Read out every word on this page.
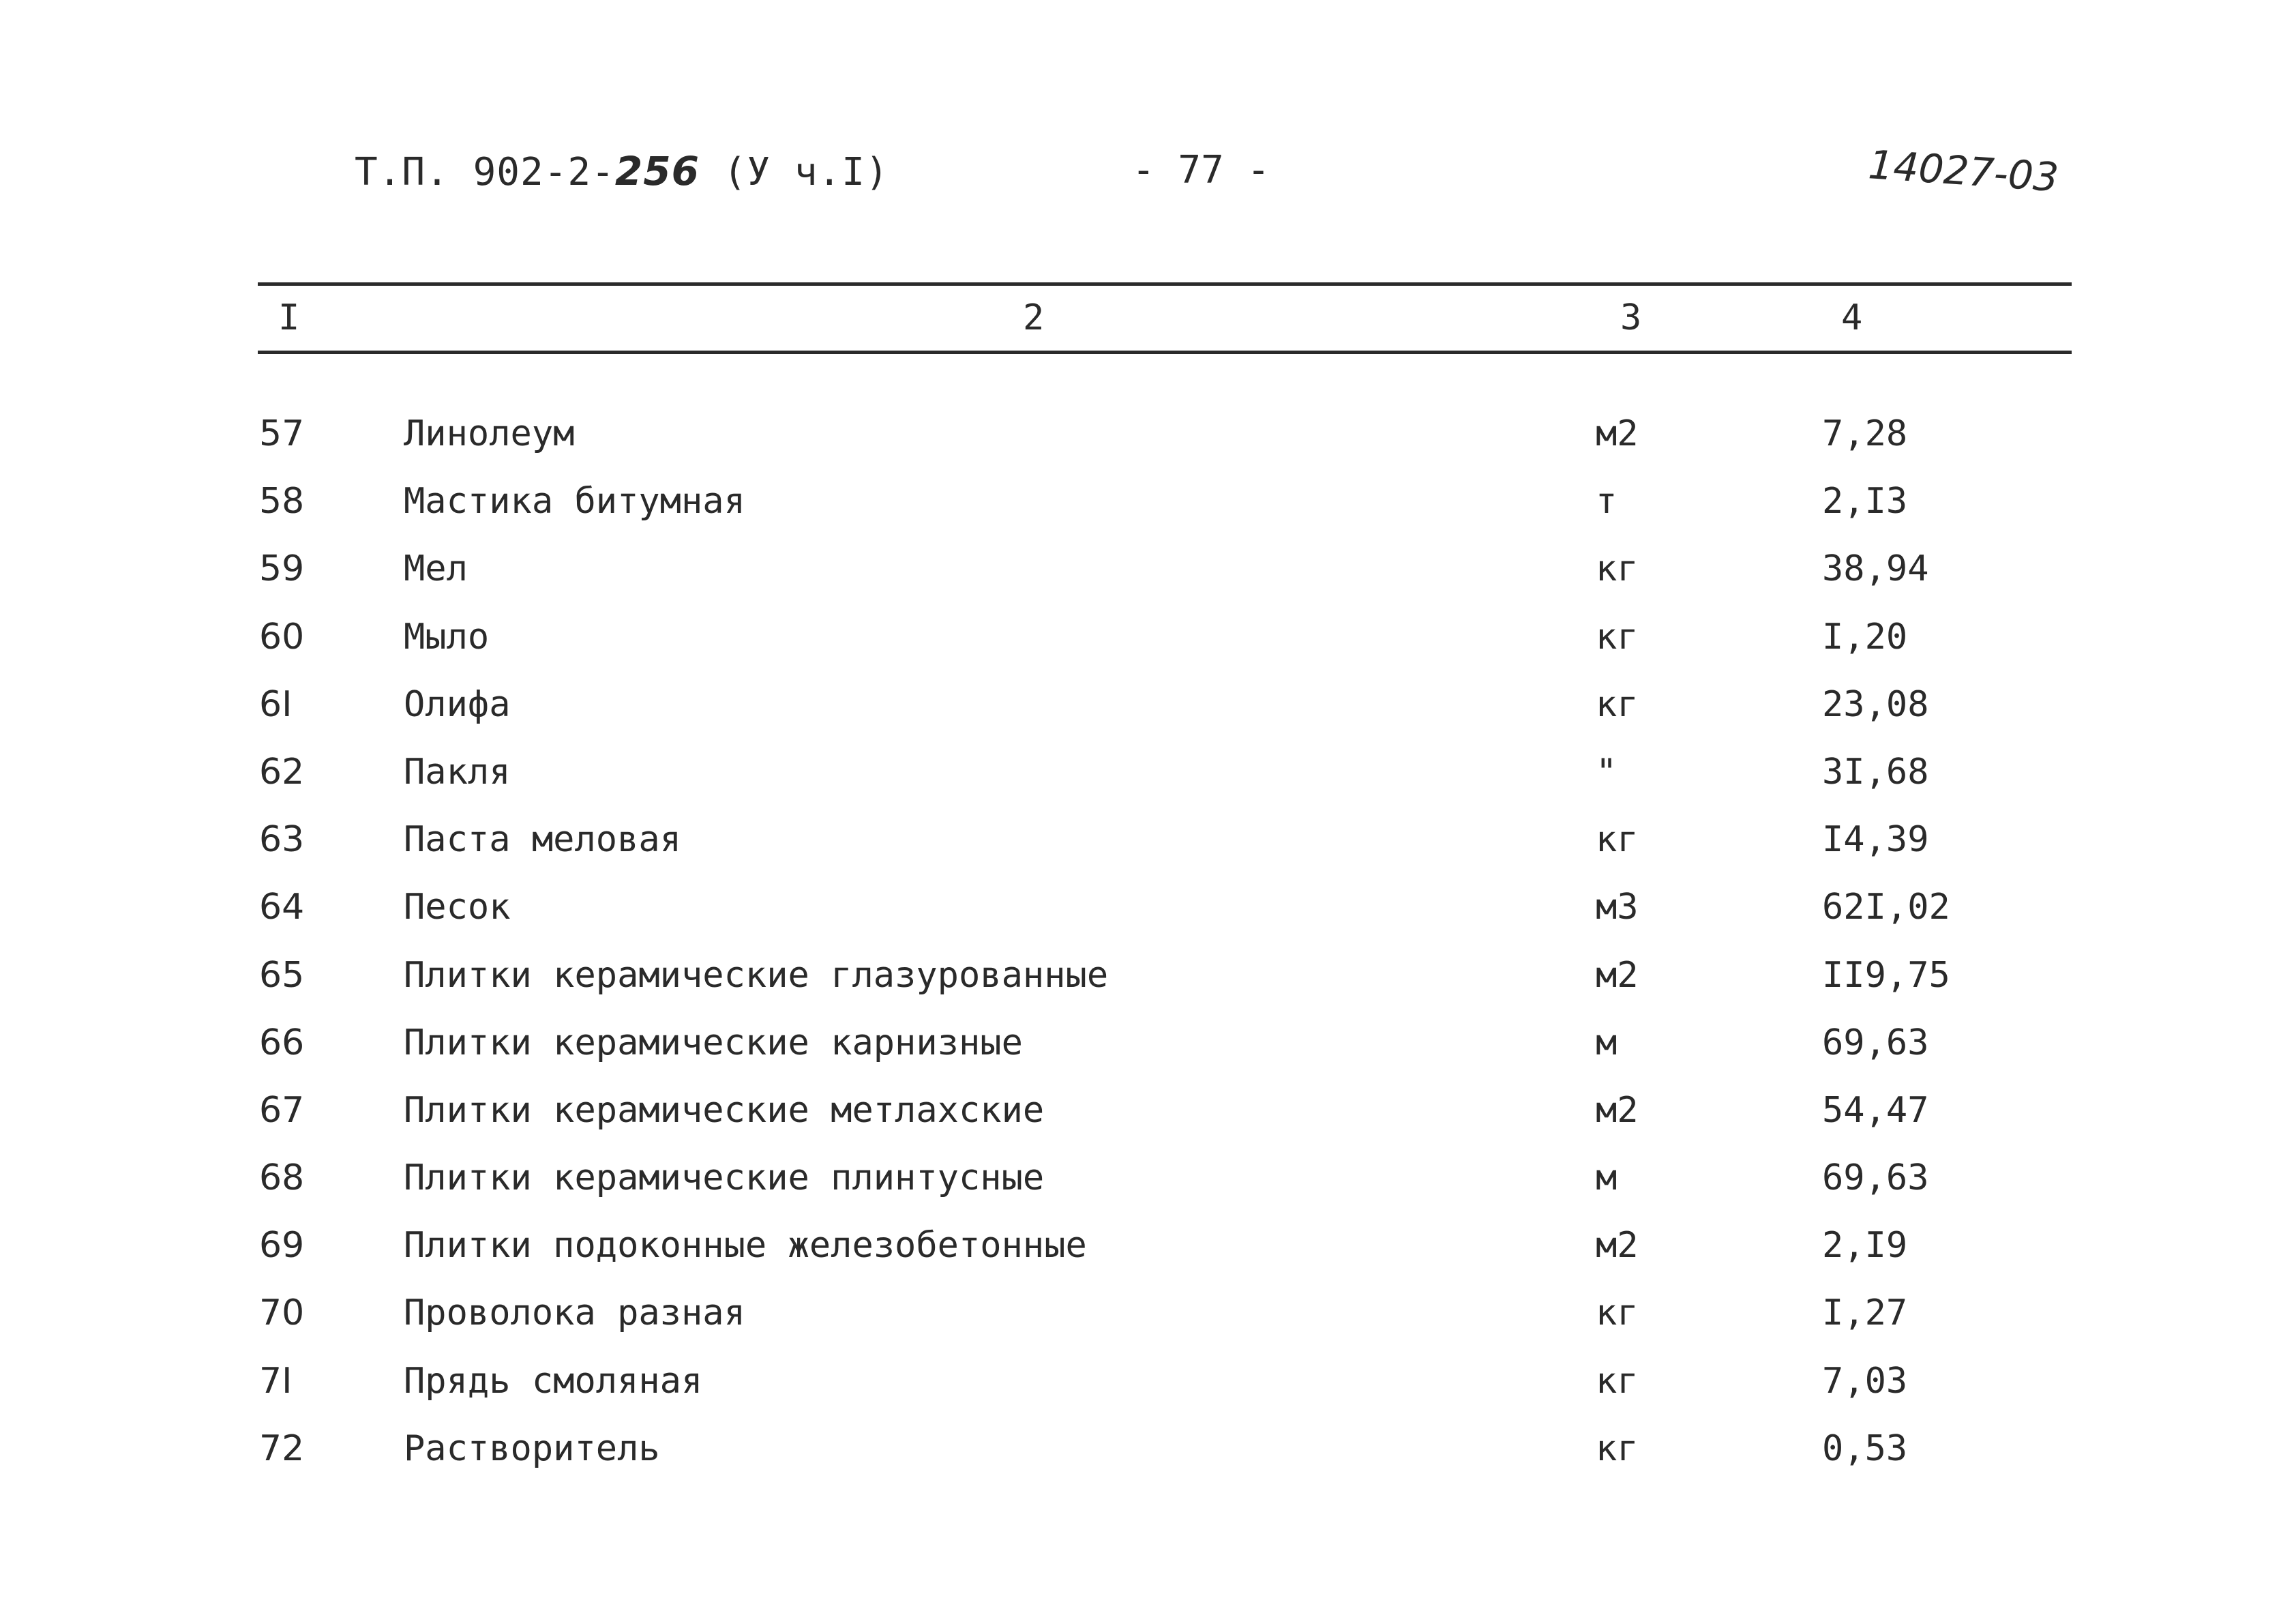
Т.П. 902-2-256 (У ч.I)	- 77 -	14027-03
I	2	3	4
57	Линолеум	м2	7,28
58	Мастика битумная	т	2,I3
59	Мел	кг	38,94
60	Мыло	кг	I,20
6I	Олифа	кг	23,08
62	Пакля	"	3I,68
63	Паста меловая	кг	I4,39
64	Песок	м3	62I,02
65	Плитки керамические глазурованные	м2	II9,75
66	Плитки керамические карнизные	м	69,63
67	Плитки керамические метлахские	м2	54,47
68	Плитки керамические плинтусные	м	69,63
69	Плитки подоконные железобетонные	м2	2,I9
70	Проволока разная	кг	I,27
7I	Прядь смоляная	кг	7,03
72	Растворитель	кг	0,53
